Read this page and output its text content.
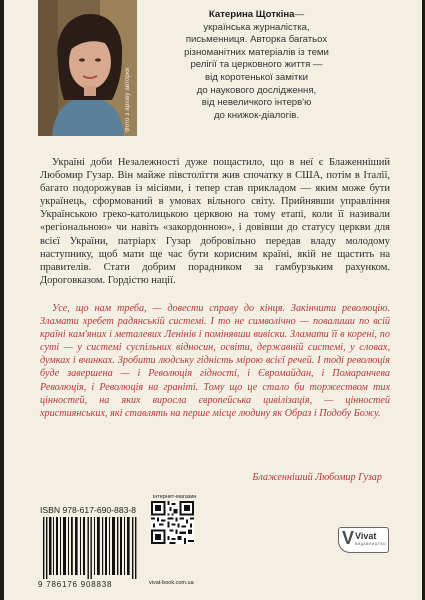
Фото з архіву авторки
Катерина Щоткіна—
українська журналістка,
письменниця. Авторка багатьох
різноманітних матеріалів із теми
релігії та церковного життя —
від коротенької замітки
до наукового дослідження,
від невеличкого інтерв'ю
до книжок-діалогів.

Україні доби Незалежності дуже пощастило, що в неї є Блаженніший Любомир Гузар. Він майже півстоліття жив спочатку в США, потім в Італії, багато подорожував із місіями, і тепер став прикладом — яким може бути українець, сформований в умовах вільного світу. Прийнявши управління Українською греко-католицькою церквою на тому етапі, коли її називали «регіональною» чи навіть «закордонною», і довівши до статусу церкви для всієї України, патріарх Гузар добровільно передав владу молодому наступнику, щоб мати ще час бути корисним країні, якій не щастить на правителів. Стати добрим порадником за гамбурзьким рахунком. Дороговказом. Гордістю нації.

Усе, що нам треба, — довести справу до кінця. Закінчити революцію. Зламати хребет радянській системі. І то не символічно — повалиши по всій країні кам'яних і металевих Ленінів і помінявши вивіски. Зламати її в корені, по суті — у системі суспільних відносин, освіти, державній системі, у словах, думках і вчинках. Зробити людську гідність мірою всієї речей. І тоді революція буде завершена — і Революція гідності, і Євромайдан, і Помаранчева Революція, і Революція на граніті. Тому що це стало би торжеством тих цінностей, на яких виросла європейська цивілізація, — цінностей християнських, які ставлять на перше місце людину як Образ і Подобу Божу.

Блаженніший Любомир Гузар
ISBN 978-617-690-883-8
9 786176 908838
інтернет-магазин
vivat-book.com.ua
V Vivat
ВИДАВНИЦТВО
